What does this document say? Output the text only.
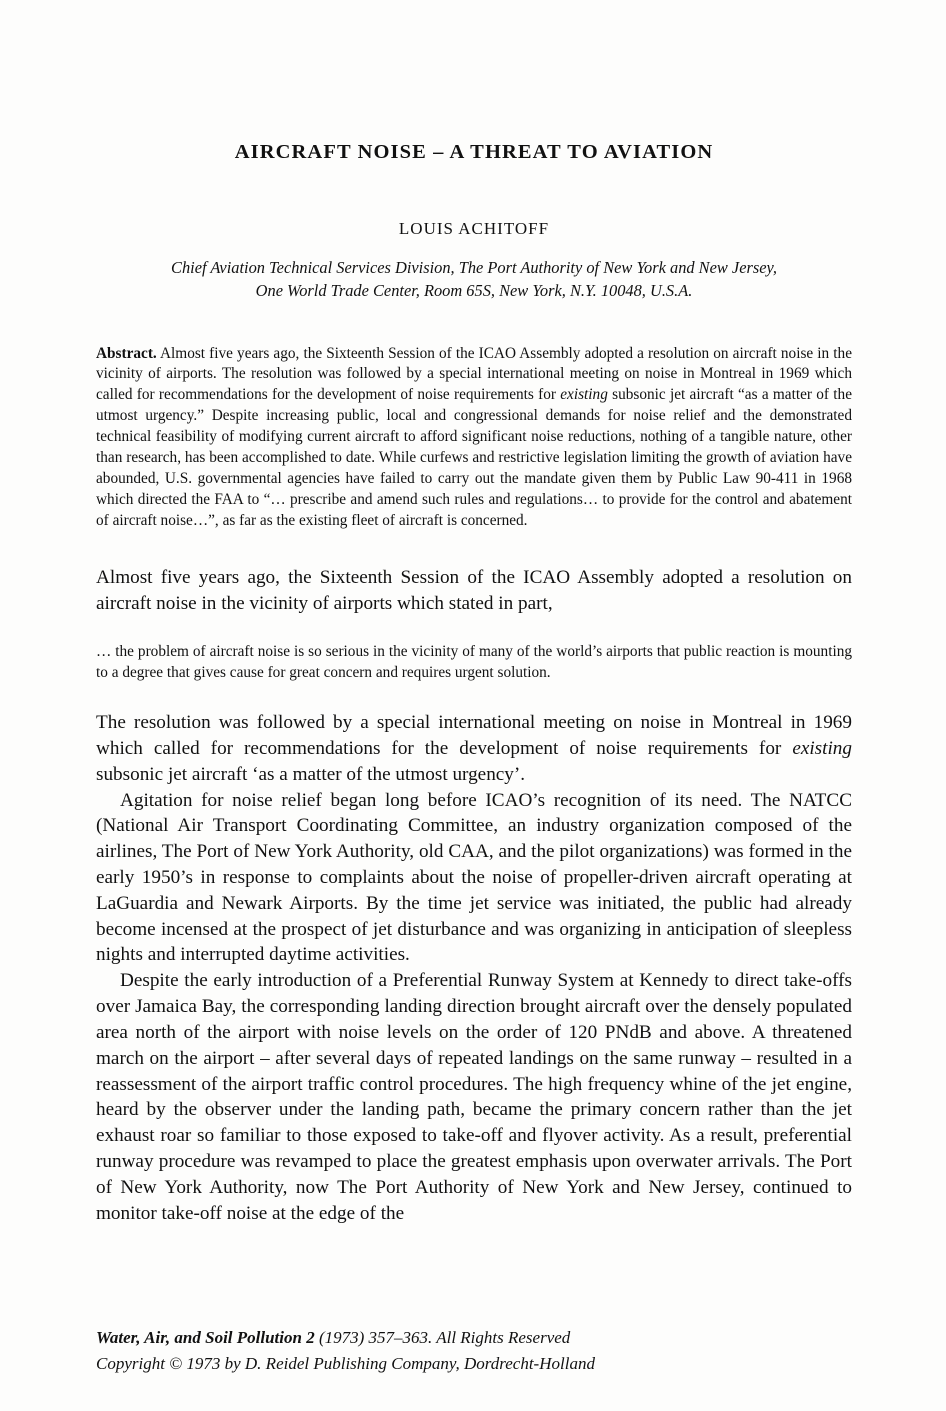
AIRCRAFT NOISE – A THREAT TO AVIATION
LOUIS ACHITOFF
Chief Aviation Technical Services Division, The Port Authority of New York and New Jersey,
One World Trade Center, Room 65S, New York, N.Y. 10048, U.S.A.
Abstract. Almost five years ago, the Sixteenth Session of the ICAO Assembly adopted a resolution on aircraft noise in the vicinity of airports. The resolution was followed by a special international meeting on noise in Montreal in 1969 which called for recommendations for the development of noise requirements for existing subsonic jet aircraft “as a matter of the utmost urgency.” Despite increasing public, local and congressional demands for noise relief and the demonstrated technical feasibility of modifying current aircraft to afford significant noise reductions, nothing of a tangible nature, other than research, has been accomplished to date. While curfews and restrictive legislation limiting the growth of aviation have abounded, U.S. governmental agencies have failed to carry out the mandate given them by Public Law 90-411 in 1968 which directed the FAA to “… prescribe and amend such rules and regulations… to provide for the control and abatement of aircraft noise…”, as far as the existing fleet of aircraft is concerned.

Almost five years ago, the Sixteenth Session of the ICAO Assembly adopted a resolution on aircraft noise in the vicinity of airports which stated in part,

… the problem of aircraft noise is so serious in the vicinity of many of the world’s airports that public reaction is mounting to a degree that gives cause for great concern and requires urgent solution.

The resolution was followed by a special international meeting on noise in Montreal in 1969 which called for recommendations for the development of noise requirements for existing subsonic jet aircraft ‘as a matter of the utmost urgency’.

Agitation for noise relief began long before ICAO’s recognition of its need. The NATCC (National Air Transport Coordinating Committee, an industry organization composed of the airlines, The Port of New York Authority, old CAA, and the pilot organizations) was formed in the early 1950’s in response to complaints about the noise of propeller-driven aircraft operating at LaGuardia and Newark Airports. By the time jet service was initiated, the public had already become incensed at the prospect of jet disturbance and was organizing in anticipation of sleepless nights and interrupted daytime activities.

Despite the early introduction of a Preferential Runway System at Kennedy to direct take-offs over Jamaica Bay, the corresponding landing direction brought aircraft over the densely populated area north of the airport with noise levels on the order of 120 PNdB and above. A threatened march on the airport – after several days of repeated landings on the same runway – resulted in a reassessment of the airport traffic control procedures. The high frequency whine of the jet engine, heard by the observer under the landing path, became the primary concern rather than the jet exhaust roar so familiar to those exposed to take-off and flyover activity. As a result, preferential runway procedure was revamped to place the greatest emphasis upon overwater arrivals. The Port of New York Authority, now The Port Authority of New York and New Jersey, continued to monitor take-off noise at the edge of the

Water, Air, and Soil Pollution 2 (1973) 357–363. All Rights Reserved
Copyright © 1973 by D. Reidel Publishing Company, Dordrecht-Holland
